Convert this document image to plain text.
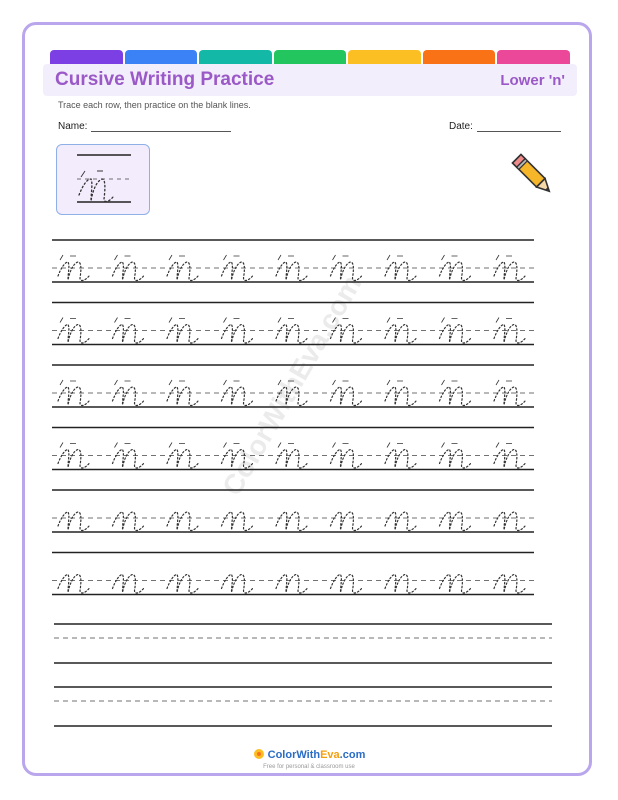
Cursive Writing Practice	Lower 'n'
Trace each row, then practice on the blank lines.
Name:	Date:
ColorWithEva.com
ColorWithEva.com
Free for personal & classroom use
